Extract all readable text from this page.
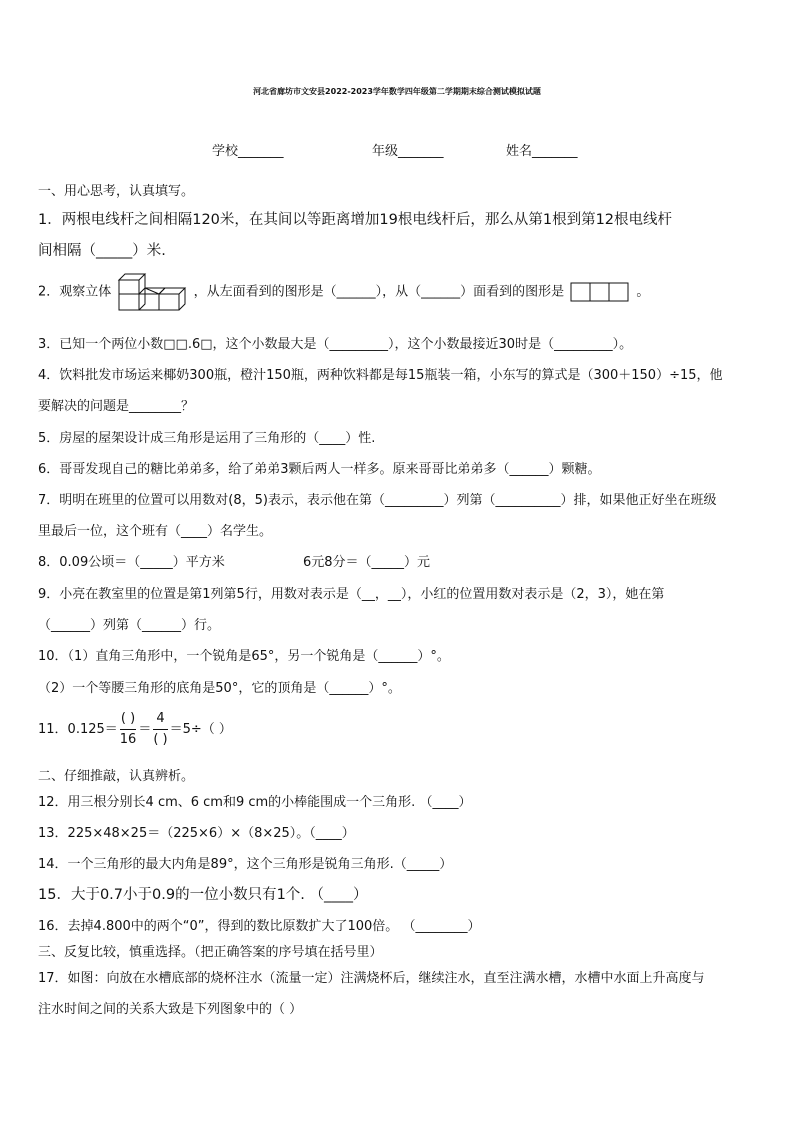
河北省廊坊市文安县2022-2023学年数学四年级第二学期期末综合测试模拟试题
学校_______	年级_______	姓名_______
一、用心思考，认真填写。
1．两根电线杆之间相隔120米，在其间以等距离增加19根电线杆后，那么从第1根到第12根电线杆
间相隔（_____）米.
2．观察立体	，从左面看到的图形是（______），从（______）面看到的图形是	。
3．已知一个两位小数□□.6□，这个小数最大是（_________），这个小数最接近30时是（_________）。
4．饮料批发市场运来椰奶300瓶，橙汁150瓶，两种饮料都是每15瓶装一箱，小东写的算式是（300＋150）÷15，他
要解决的问题是________？
5．房屋的屋架设计成三角形是运用了三角形的（____）性.
6．哥哥发现自己的糖比弟弟多，给了弟弟3颗后两人一样多。原来哥哥比弟弟多（______）颗糖。
7．明明在班里的位置可以用数对(8，5)表示，表示他在第（_________）列第（__________）排，如果他正好坐在班级
里最后一位，这个班有（____）名学生。
8．0.09公顷＝（_____）平方米	6元8分＝（_____）元
9．小亮在教室里的位置是第1列第5行，用数对表示是（__，__），小红的位置用数对表示是（2，3），她在第
（______）列第（______）行。
10．（1）直角三角形中，一个锐角是65°，另一个锐角是（______）°。
（2）一个等腰三角形的底角是50°，它的顶角是（______）°。
11．$0.125= \frac{( )}{16} = \frac{4}{( )} =5\div$（ ）
二、仔细推敲，认真辨析。
12．用三根分别长4 cm、6 cm和9 cm的小棒能围成一个三角形. （____）
13．225×48×25＝（225×6）×（8×25）。（____）
14．一个三角形的最大内角是89°，这个三角形是锐角三角形.（_____）
15．大于0.7小于0.9的一位小数只有1个. （____）
16．去掉4.800中的两个“0”，得到的数比原数扩大了100倍。 （________）
三、反复比较，慎重选择。（把正确答案的序号填在括号里）
17．如图：向放在水槽底部的烧杯注水（流量一定）注满烧杯后，继续注水，直至注满水槽，水槽中水面上升高度与
注水时间之间的关系大致是下列图象中的（ ）
